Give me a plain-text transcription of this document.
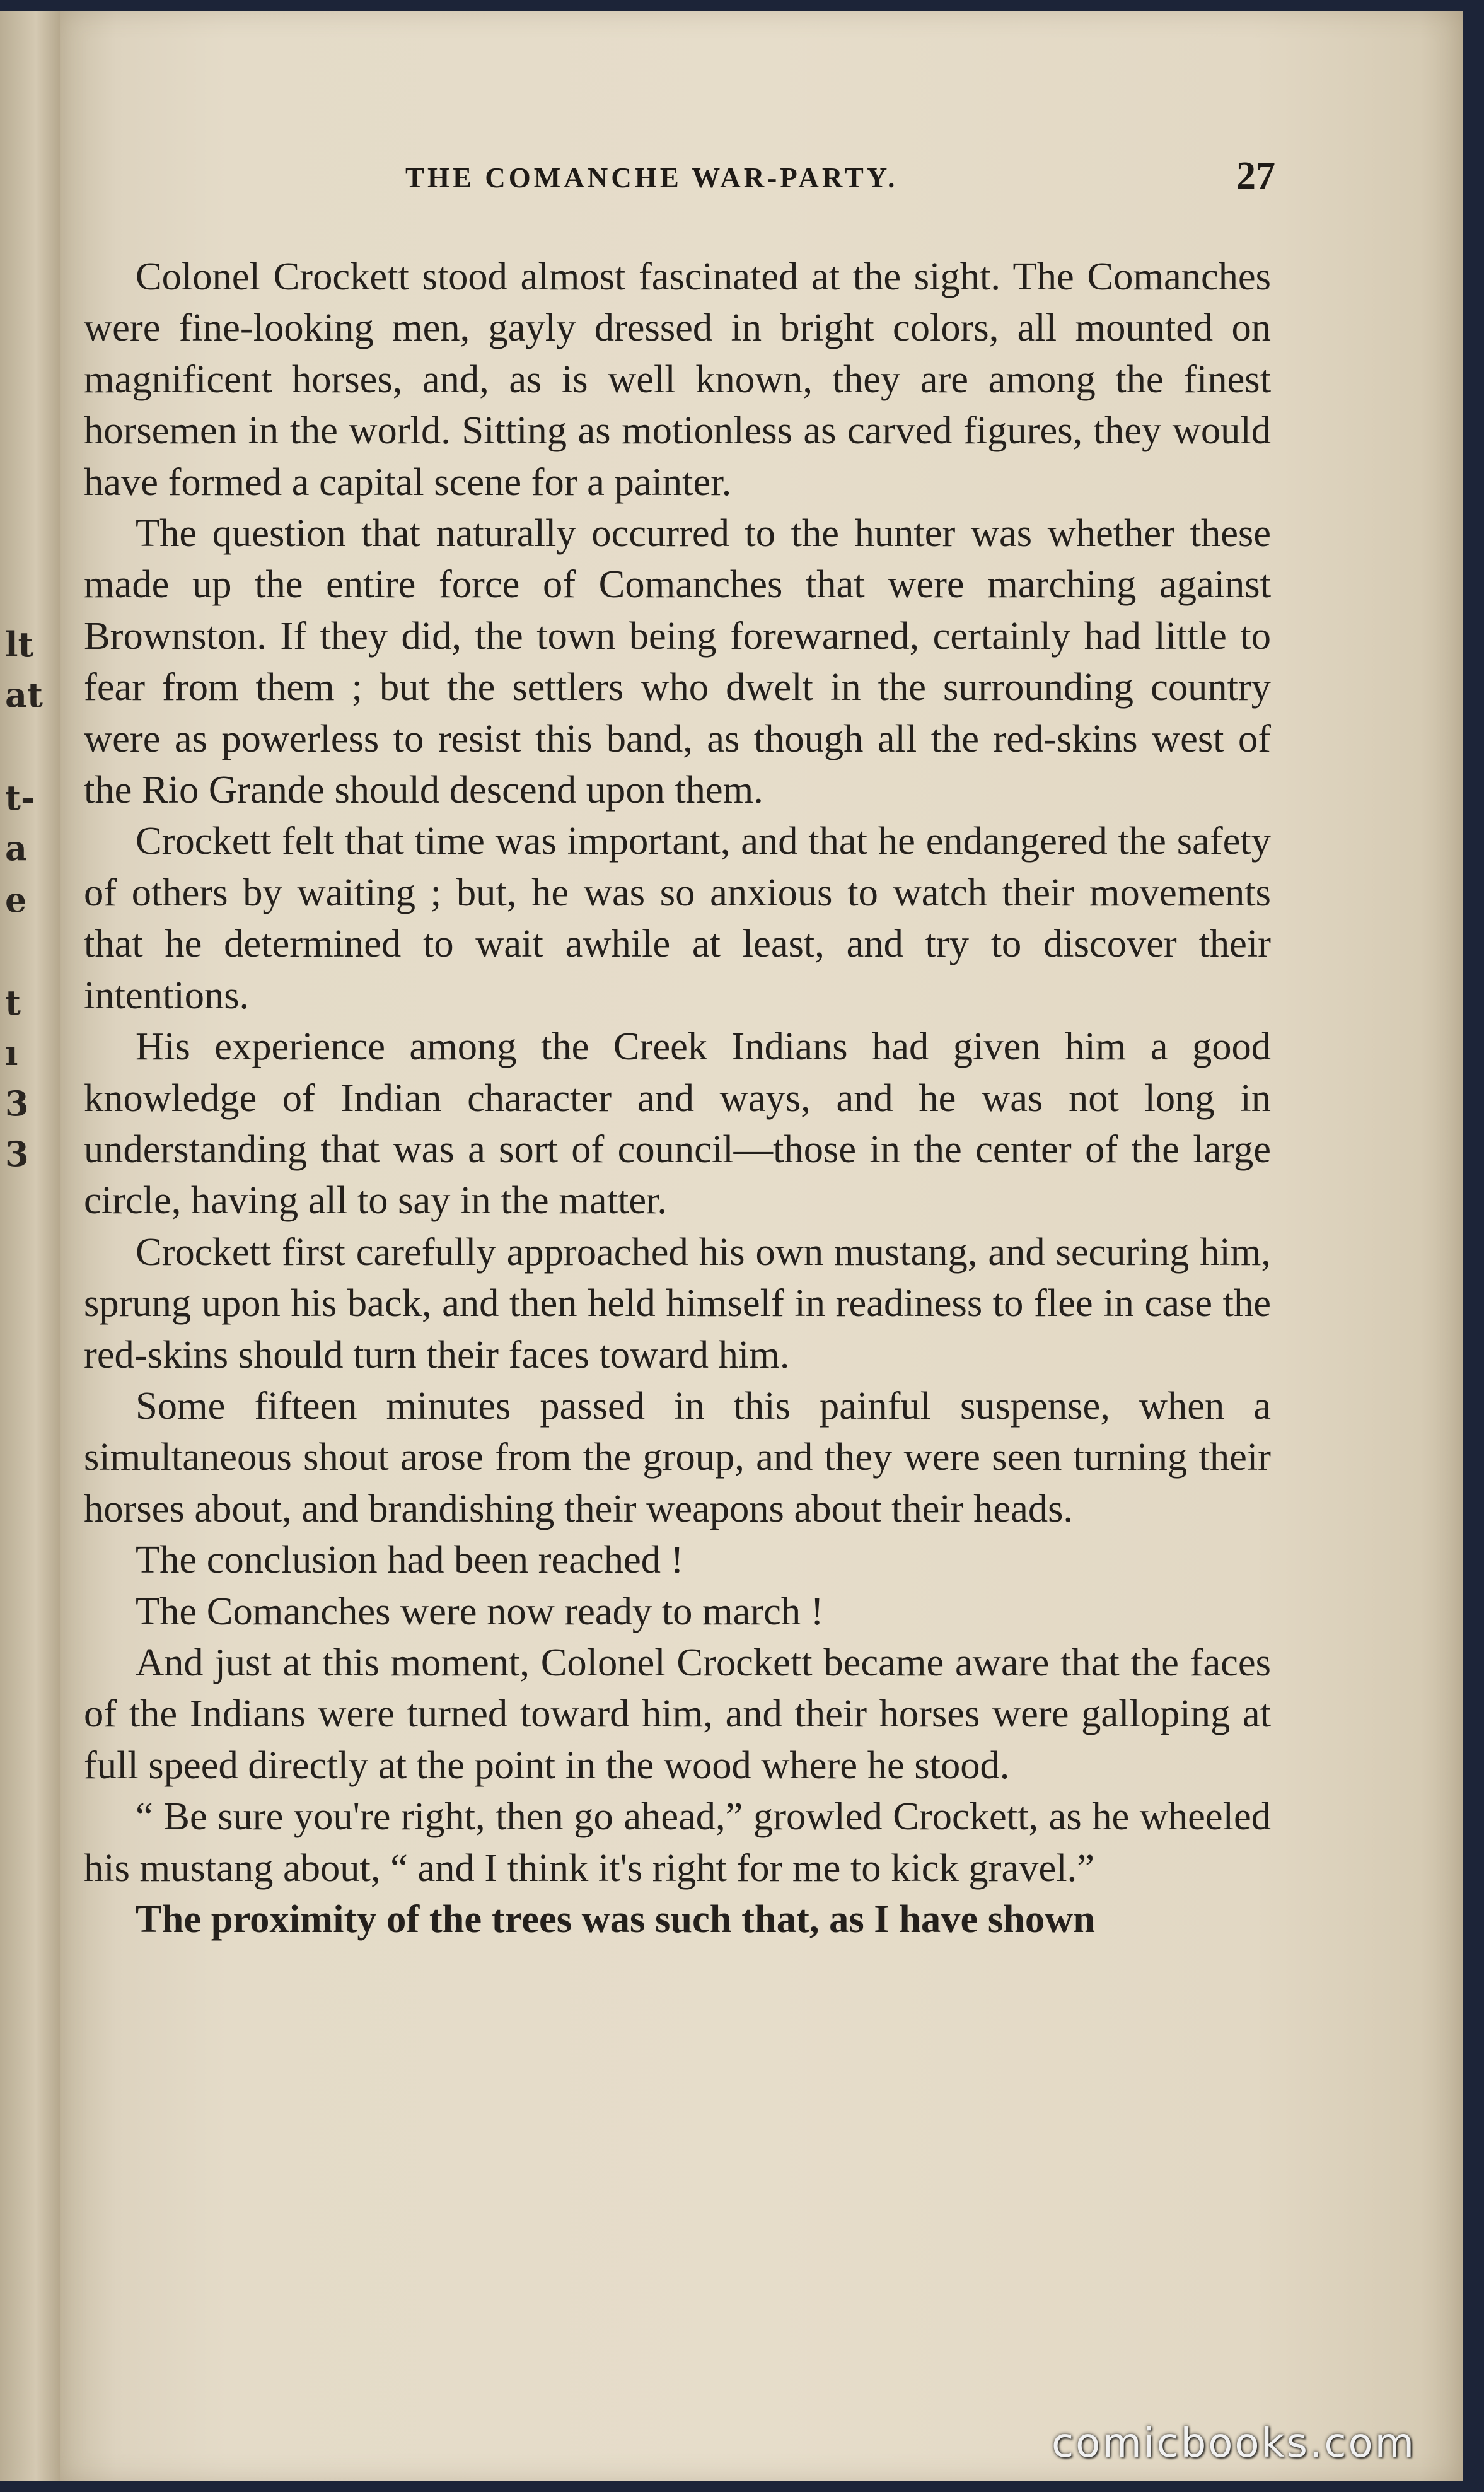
lt
at
t-
a
e
t
ı
3
3
THE COMANCHE WAR-PARTY.	27

Colonel Crockett stood almost fascinated at the sight. The Comanches were fine-looking men, gayly dressed in bright colors, all mounted on magnificent horses, and, as is well known, they are among the finest horsemen in the world. Sitting as motionless as carved figures, they would have formed a capital scene for a painter.

The question that naturally occurred to the hunter was whether these made up the entire force of Comanches that were marching against Brownston. If they did, the town being forewarned, certainly had little to fear from them ; but the settlers who dwelt in the surrounding country were as powerless to resist this band, as though all the red-skins west of the Rio Grande should descend upon them.

Crockett felt that time was important, and that he endangered the safety of others by waiting ; but, he was so anxious to watch their movements that he determined to wait awhile at least, and try to discover their intentions.

His experience among the Creek Indians had given him a good knowledge of Indian character and ways, and he was not long in understanding that was a sort of council—those in the center of the large circle, having all to say in the matter.

Crockett first carefully approached his own mustang, and securing him, sprung upon his back, and then held himself in readiness to flee in case the red-skins should turn their faces toward him.

Some fifteen minutes passed in this painful suspense, when a simultaneous shout arose from the group, and they were seen turning their horses about, and brandishing their weapons about their heads.

The conclusion had been reached !

The Comanches were now ready to march !

And just at this moment, Colonel Crockett became aware that the faces of the Indians were turned toward him, and their horses were galloping at full speed directly at the point in the wood where he stood.

“ Be sure you're right, then go ahead,” growled Crockett, as he wheeled his mustang about, “ and I think it's right for me to kick gravel.”

The proximity of the trees was such that, as I have shown

comicbooks.com
